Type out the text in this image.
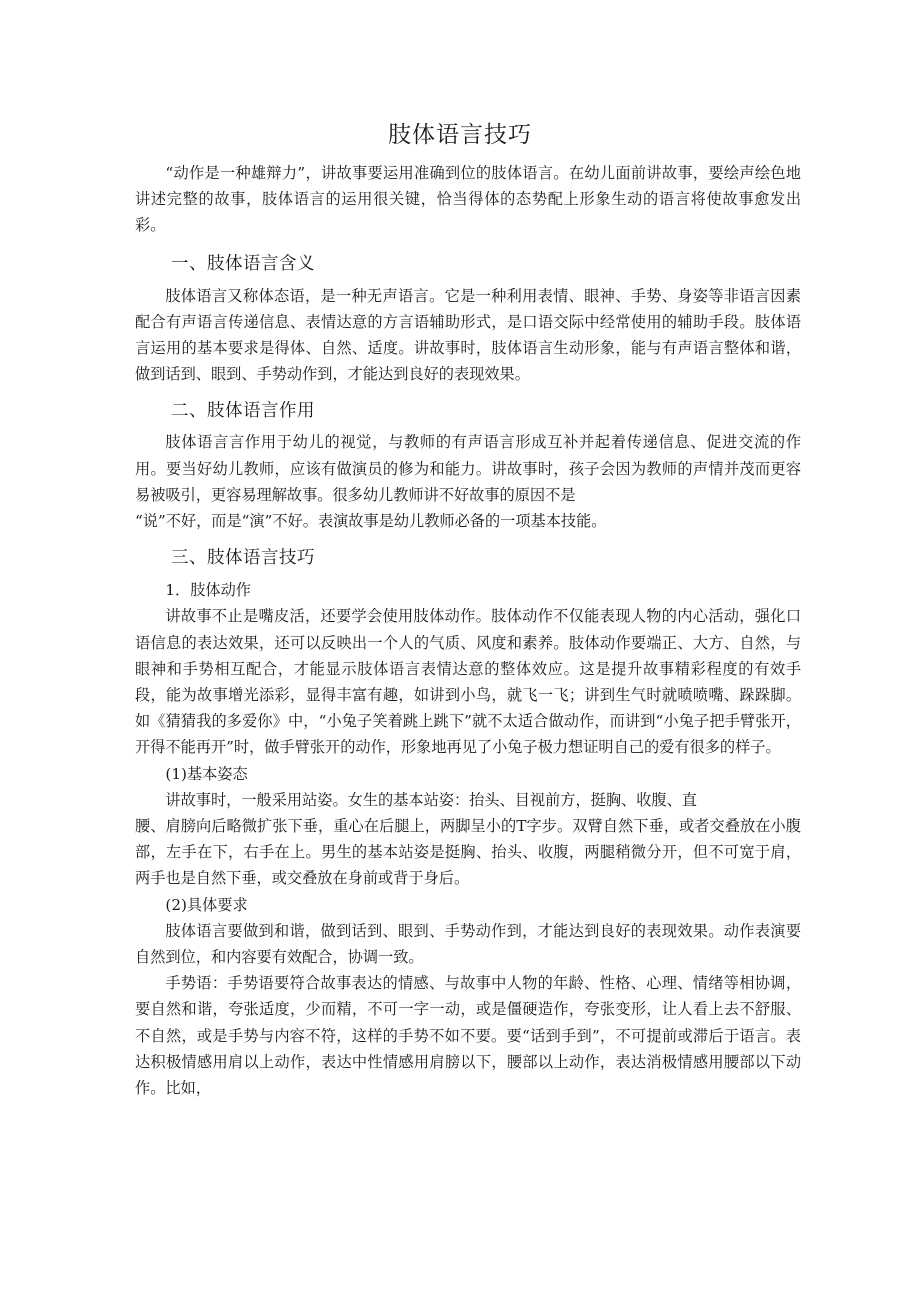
肢体语言技巧

“动作是一种雄辩力”，讲故事要运用准确到位的肢体语言。在幼儿面前讲故事，要绘声绘色地讲述完整的故事，肢体语言的运用很关键，恰当得体的态势配上形象生动的语言将使故事愈发出彩。

一、肢体语言含义

肢体语言又称体态语，是一种无声语言。它是一种利用表情、眼神、手势、身姿等非语言因素配合有声语言传递信息、表情达意的方言语辅助形式，是口语交际中经常使用的辅助手段。肢体语言运用的基本要求是得体、自然、适度。讲故事时，肢体语言生动形象，能与有声语言整体和谐，做到话到、眼到、手势动作到，才能达到良好的表现效果。

二、肢体语言作用

肢体语言言作用于幼儿的视觉，与教师的有声语言形成互补并起着传递信息、促进交流的作用。要当好幼儿教师，应该有做演员的修为和能力。讲故事时，孩子会因为教师的声情并茂而更容易被吸引，更容易理解故事。很多幼儿教师讲不好故事的原因不是

“说”不好，而是“演”不好。表演故事是幼儿教师必备的一项基本技能。

三、肢体语言技巧

1．肢体动作

讲故事不止是嘴皮活，还要学会使用肢体动作。肢体动作不仅能表现人物的内心活动，强化口语信息的表达效果，还可以反映出一个人的气质、风度和素养。肢体动作要端正、大方、自然，与眼神和手势相互配合，才能显示肢体语言表情达意的整体效应。这是提升故事精彩程度的有效手段，能为故事增光添彩，显得丰富有趣，如讲到小鸟，就飞一飞；讲到生气时就喷喷嘴、跺跺脚。如《猜猜我的多爱你》中，“小兔子笑着跳上跳下”就不太适合做动作，而讲到“小兔子把手臂张开，开得不能再开”时，做手臂张开的动作，形象地再见了小兔子极力想证明自己的爱有很多的样子。

(1)基本姿态

讲故事时，一般采用站姿。女生的基本站姿：抬头、目视前方，挺胸、收腹、直

腰、肩膀向后略微扩张下垂，重心在后腿上，两脚呈小的T字步。双臂自然下垂，或者交叠放在小腹部，左手在下，右手在上。男生的基本站姿是挺胸、抬头、收腹，两腿稍微分开，但不可宽于肩，两手也是自然下垂，或交叠放在身前或背于身后。

(2)具体要求

肢体语言要做到和谐，做到话到、眼到、手势动作到，才能达到良好的表现效果。动作表演要自然到位，和内容要有效配合，协调一致。

手势语：手势语要符合故事表达的情感、与故事中人物的年龄、性格、心理、情绪等相协调，要自然和谐，夸张适度，少而精，不可一字一动，或是僵硬造作，夸张变形，让人看上去不舒服、不自然，或是手势与内容不符，这样的手势不如不要。要“话到手到”，不可提前或滞后于语言。表达积极情感用肩以上动作，表达中性情感用肩膀以下，腰部以上动作，表达消极情感用腰部以下动作。比如，
